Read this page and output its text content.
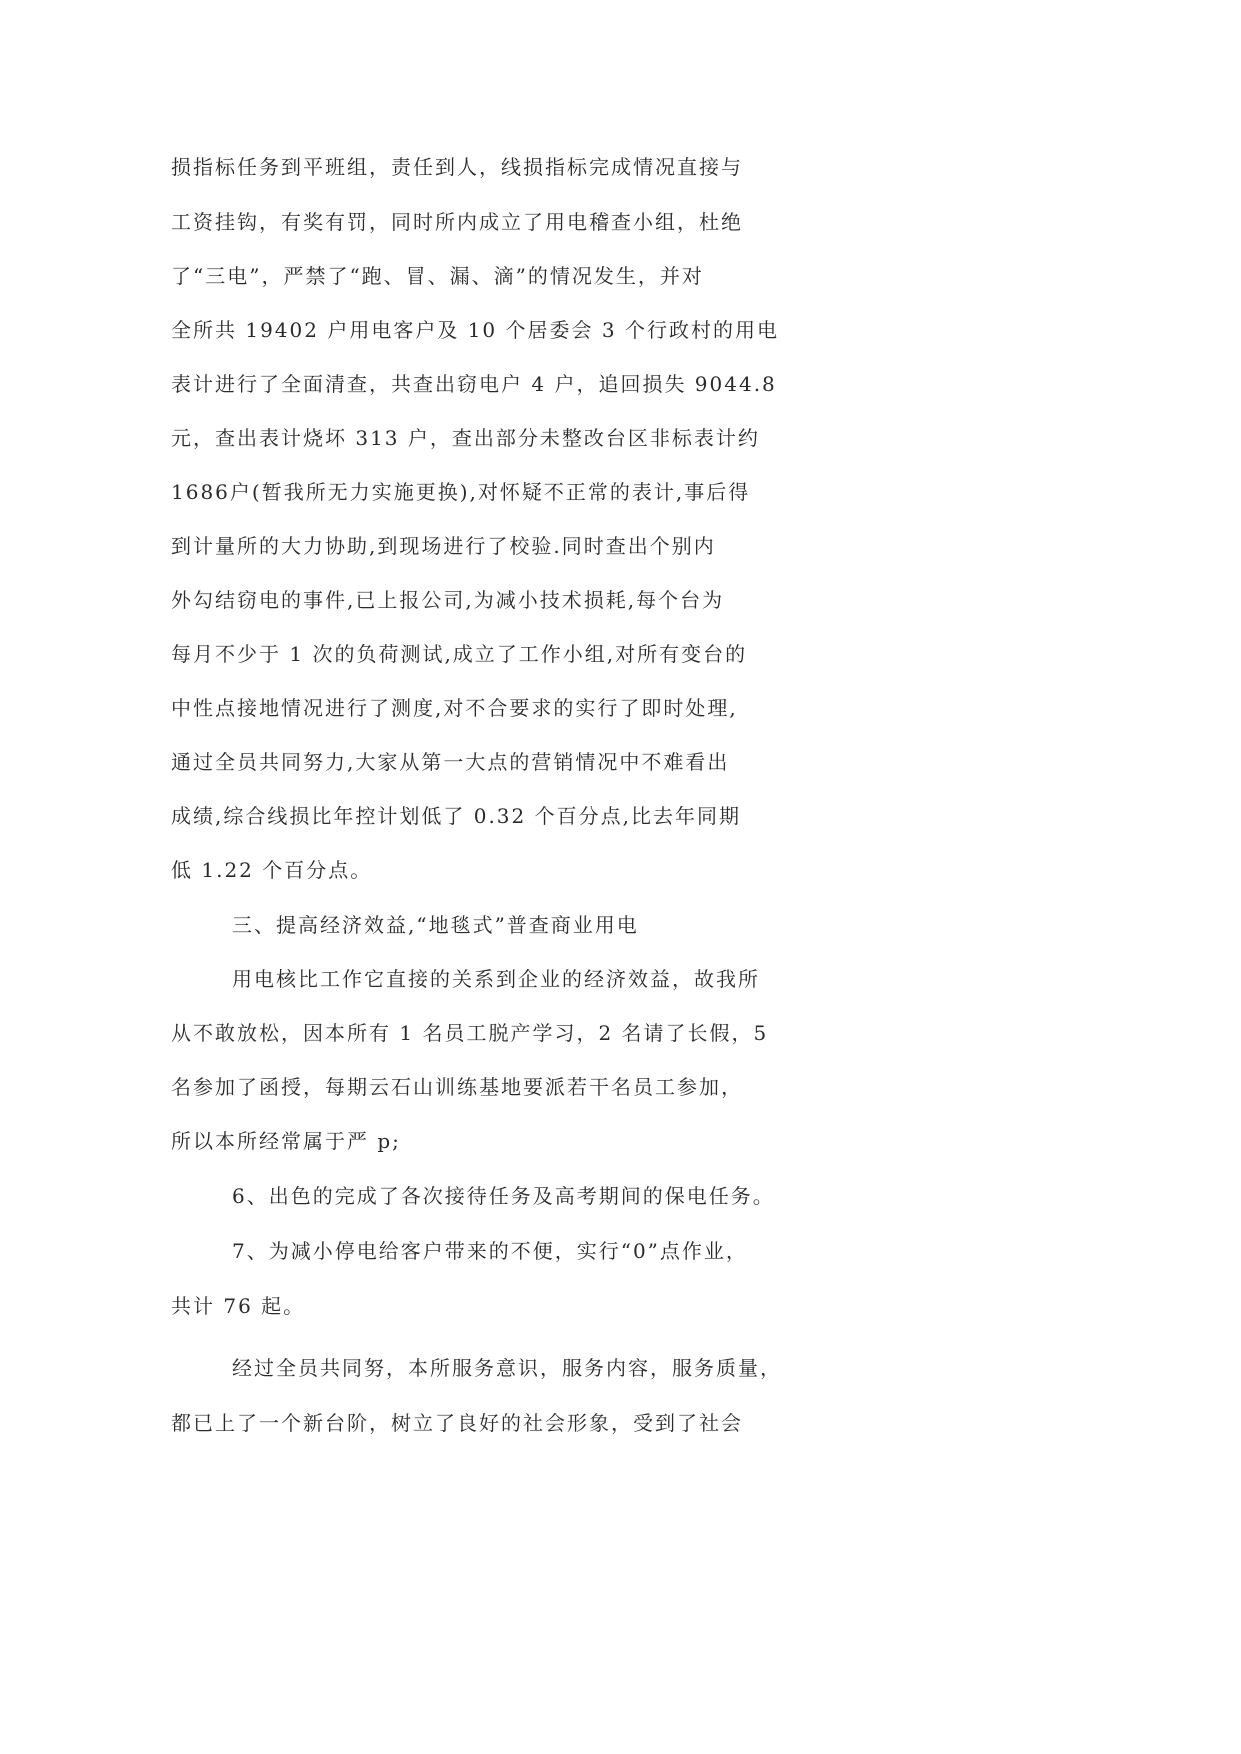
损指标任务到平班组，责任到人，线损指标完成情况直接与

工资挂钩，有奖有罚，同时所内成立了用电稽查小组，杜绝

了“三电”，严禁了“跑、冒、漏、滴”的情况发生，并对

全所共 19402 户用电客户及 10 个居委会 3 个行政村的用电

表计进行了全面清查，共查出窃电户 4 户，追回损失 9044.8

元，查出表计烧坏 313 户，查出部分未整改台区非标表计约

1686户(暂我所无力实施更换),对怀疑不正常的表计,事后得

到计量所的大力协助,到现场进行了校验.同时查出个别内

外勾结窃电的事件,已上报公司,为减小技术损耗,每个台为

每月不少于 1 次的负荷测试,成立了工作小组,对所有变台的

中性点接地情况进行了测度,对不合要求的实行了即时处理,

通过全员共同努力,大家从第一大点的营销情况中不难看出

成绩,综合线损比年控计划低了 0.32 个百分点,比去年同期

低 1.22 个百分点。

三、提高经济效益,“地毯式”普查商业用电

用电核比工作它直接的关系到企业的经济效益，故我所

从不敢放松，因本所有 1 名员工脱产学习，2 名请了长假，5

名参加了函授，每期云石山训练基地要派若干名员工参加，

所以本所经常属于严 p;

6、出色的完成了各次接待任务及高考期间的保电任务。

7、为减小停电给客户带来的不便，实行“0”点作业，

共计 76 起。

经过全员共同努，本所服务意识，服务内容，服务质量，

都已上了一个新台阶，树立了良好的社会形象，受到了社会
